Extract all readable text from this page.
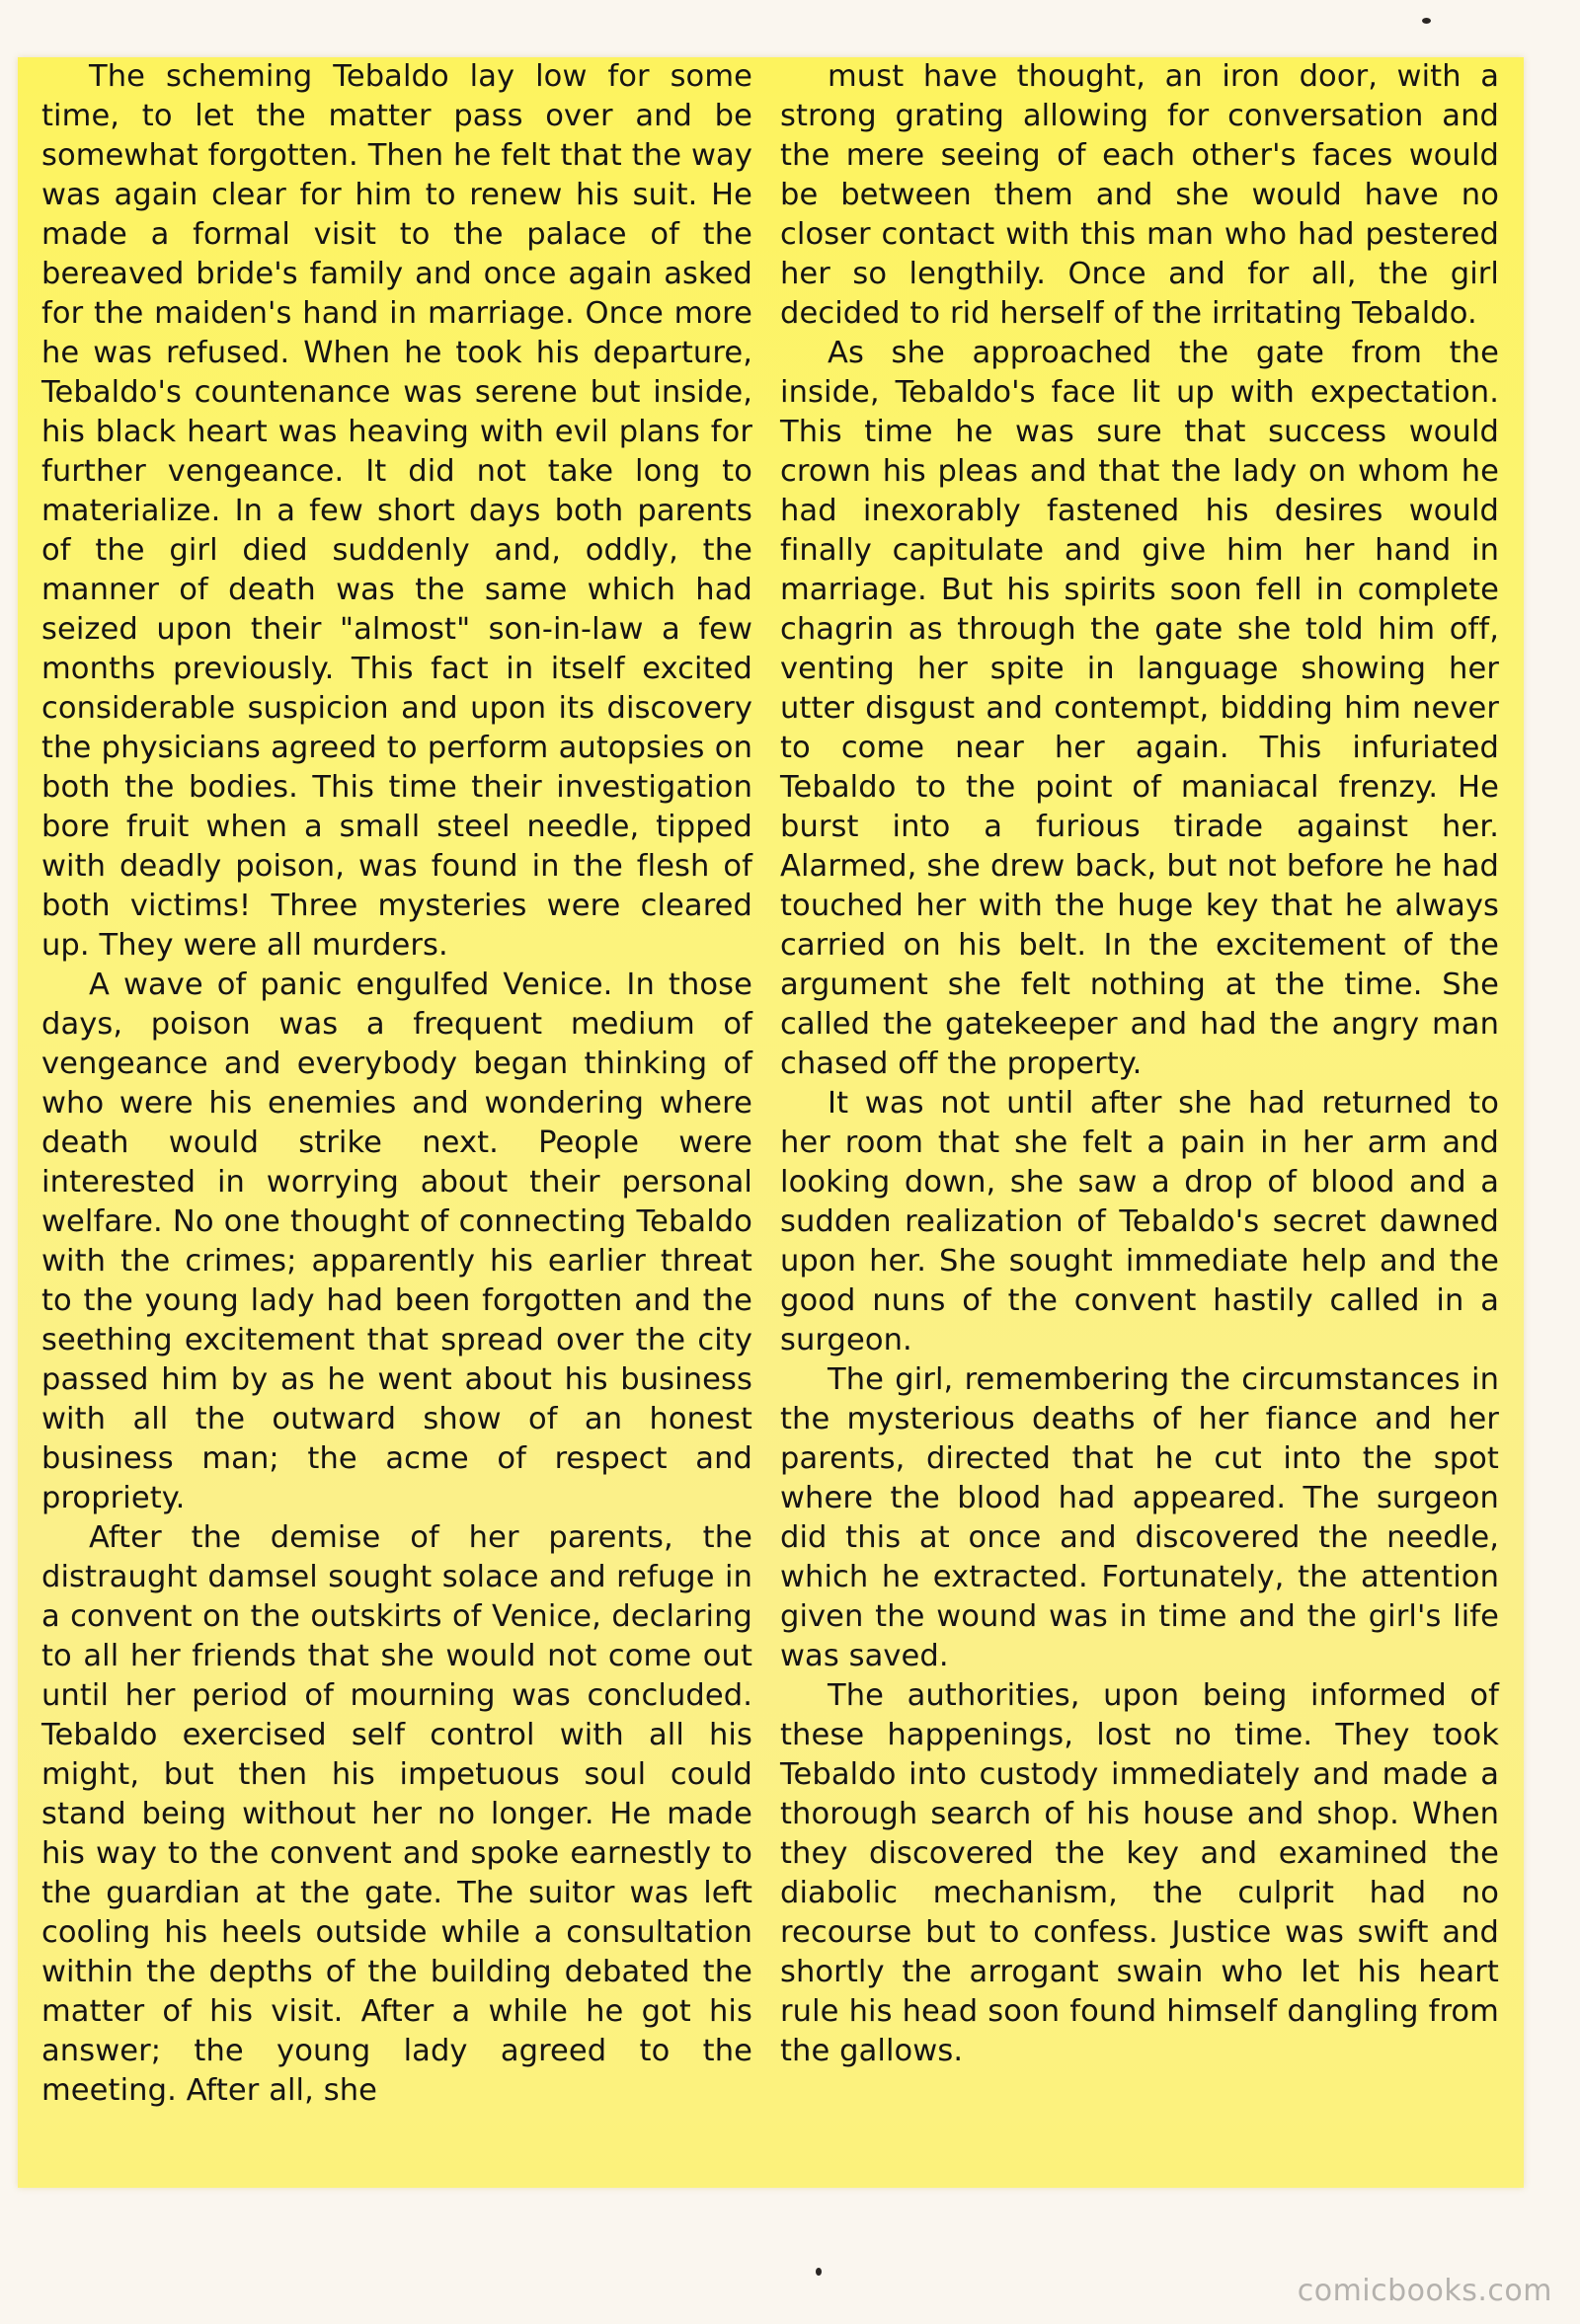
The scheming Tebaldo lay low for some time, to let the matter pass over and be somewhat forgotten. Then he felt that the way was again clear for him to renew his suit. He made a formal visit to the palace of the bereaved bride's family and once again asked for the maiden's hand in marriage. Once more he was refused. When he took his departure, Tebaldo's countenance was serene but inside, his black heart was heaving with evil plans for further vengeance. It did not take long to materialize. In a few short days both parents of the girl died suddenly and, oddly, the manner of death was the same which had seized upon their "almost" son-in-law a few months previously. This fact in itself excited considerable suspicion and upon its discovery the physicians agreed to perform autopsies on both the bodies. This time their investigation bore fruit when a small steel needle, tipped with deadly poison, was found in the flesh of both victims! Three mysteries were cleared up. They were all murders.

A wave of panic engulfed Venice. In those days, poison was a frequent medium of vengeance and everybody began thinking of who were his enemies and wondering where death would strike next. People were interested in worrying about their personal welfare. No one thought of connecting Tebaldo with the crimes; apparently his earlier threat to the young lady had been forgotten and the seething excitement that spread over the city passed him by as he went about his business with all the outward show of an honest business man; the acme of respect and propriety.

After the demise of her parents, the distraught damsel sought solace and refuge in a convent on the outskirts of Venice, declaring to all her friends that she would not come out until her period of mourning was concluded. Tebaldo exercised self control with all his might, but then his impetuous soul could stand being without her no longer. He made his way to the convent and spoke earnestly to the guardian at the gate. The suitor was left cooling his heels outside while a consultation within the depths of the building debated the matter of his visit. After a while he got his answer; the young lady agreed to the meeting. After all, she

must have thought, an iron door, with a strong grating allowing for conversation and the mere seeing of each other's faces would be between them and she would have no closer contact with this man who had pestered her so lengthily. Once and for all, the girl decided to rid herself of the irritating Tebaldo.

As she approached the gate from the inside, Tebaldo's face lit up with expectation. This time he was sure that success would crown his pleas and that the lady on whom he had inexorably fastened his desires would finally capitulate and give him her hand in marriage. But his spirits soon fell in complete chagrin as through the gate she told him off, venting her spite in language showing her utter disgust and contempt, bidding him never to come near her again. This infuriated Tebaldo to the point of maniacal frenzy. He burst into a furious tirade against her. Alarmed, she drew back, but not before he had touched her with the huge key that he always carried on his belt. In the excitement of the argument she felt nothing at the time. She called the gatekeeper and had the angry man chased off the property.

It was not until after she had returned to her room that she felt a pain in her arm and looking down, she saw a drop of blood and a sudden realization of Tebaldo's secret dawned upon her. She sought immediate help and the good nuns of the convent hastily called in a surgeon.

The girl, remembering the circumstances in the mysterious deaths of her fiance and her parents, directed that he cut into the spot where the blood had appeared. The surgeon did this at once and discovered the needle, which he extracted. Fortunately, the attention given the wound was in time and the girl's life was saved.

The authorities, upon being informed of these happenings, lost no time. They took Tebaldo into custody immediately and made a thorough search of his house and shop. When they discovered the key and examined the diabolic mechanism, the culprit had no recourse but to confess. Justice was swift and shortly the arrogant swain who let his heart rule his head soon found himself dangling from the gallows.

comicbooks.com
